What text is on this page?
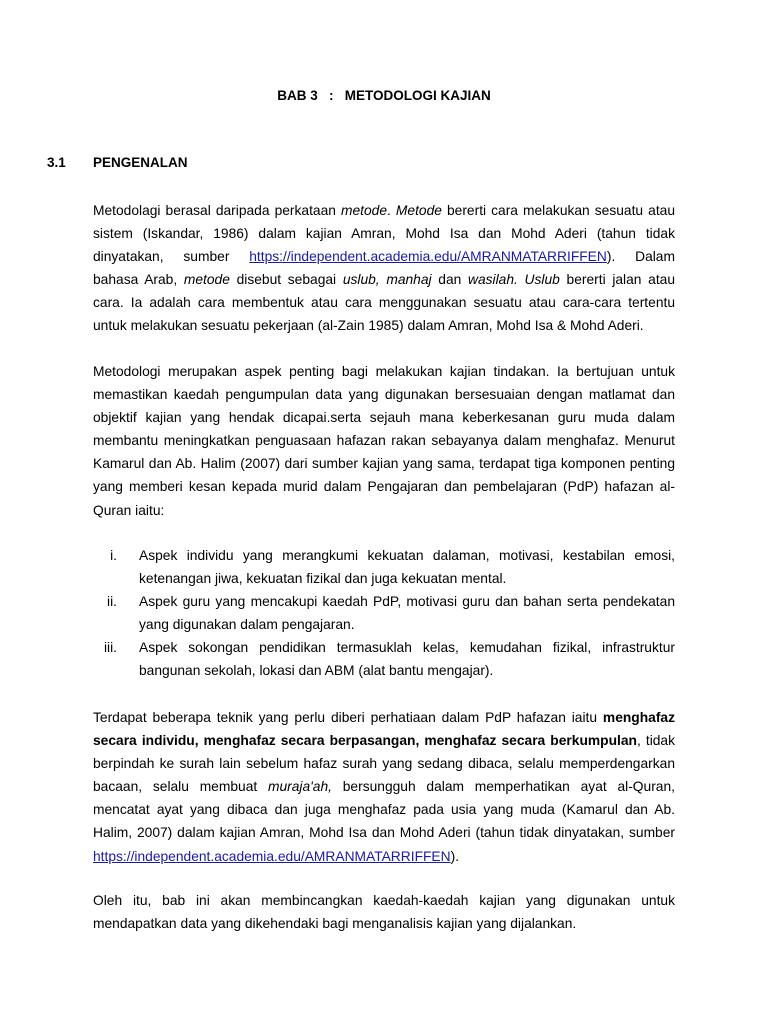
BAB 3   :   METODOLOGI KAJIAN
3.1 PENGENALAN

Metodolagi berasal daripada perkataan metode. Metode bererti cara melakukan sesuatu atau sistem (Iskandar, 1986) dalam kajian Amran, Mohd Isa dan Mohd Aderi (tahun tidak dinyatakan, sumber https://independent.academia.edu/AMRANMATARRIFFEN). Dalam bahasa Arab, metode disebut sebagai uslub, manhaj dan wasilah. Uslub bererti jalan atau cara. Ia adalah cara membentuk atau cara menggunakan sesuatu atau cara-cara tertentu untuk melakukan sesuatu pekerjaan (al-Zain 1985) dalam Amran, Mohd Isa & Mohd Aderi.

Metodologi merupakan aspek penting bagi melakukan kajian tindakan. Ia bertujuan untuk memastikan kaedah pengumpulan data yang digunakan bersesuaian dengan matlamat dan objektif kajian yang hendak dicapai.serta sejauh mana keberkesanan guru muda dalam membantu meningkatkan penguasaan hafazan rakan sebayanya dalam menghafaz. Menurut Kamarul dan Ab. Halim (2007) dari sumber kajian yang sama, terdapat tiga komponen penting yang memberi kesan kepada murid dalam Pengajaran dan pembelajaran (PdP) hafazan al-Quran iaitu:

i. Aspek individu yang merangkumi kekuatan dalaman, motivasi, kestabilan emosi, ketenangan jiwa, kekuatan fizikal dan juga kekuatan mental.
ii. Aspek guru yang mencakupi kaedah PdP, motivasi guru dan bahan serta pendekatan yang digunakan dalam pengajaran.
iii. Aspek sokongan pendidikan termasuklah kelas, kemudahan fizikal, infrastruktur bangunan sekolah, lokasi dan ABM (alat bantu mengajar).

Terdapat beberapa teknik yang perlu diberi perhatiaan dalam PdP hafazan iaitu menghafaz secara individu, menghafaz secara berpasangan, menghafaz secara berkumpulan, tidak berpindah ke surah lain sebelum hafaz surah yang sedang dibaca, selalu memperdengarkan bacaan, selalu membuat muraja'ah, bersungguh dalam memperhatikan ayat al-Quran, mencatat ayat yang dibaca dan juga menghafaz pada usia yang muda (Kamarul dan Ab. Halim, 2007) dalam kajian Amran, Mohd Isa dan Mohd Aderi (tahun tidak dinyatakan, sumber https://independent.academia.edu/AMRANMATARRIFFEN).

Oleh itu, bab ini akan membincangkan kaedah-kaedah kajian yang digunakan untuk mendapatkan data yang dikehendaki bagi menganalisis kajian yang dijalankan.
